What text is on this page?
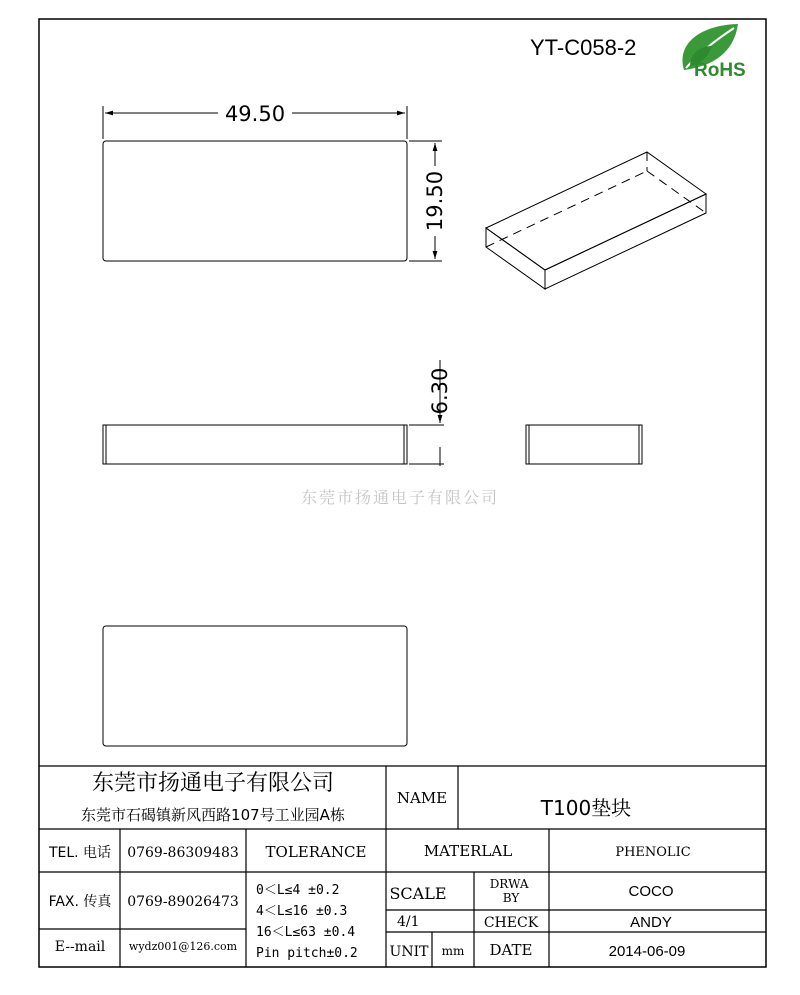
YT-C058-2
RoHS
49.50
19.50
6.30
东莞市扬通电子有限公司
东莞市扬通电子有限公司
东莞市石碣镇新风西路107号工业园A栋
NAME	T100垫块
TEL. 电话 0769-86309483
FAX. 传真 0769-89026473
E--mail wydz001@126.com
TOLERANCE
0＜L≤4 ±0.2
4＜L≤16 ±0.3
16＜L≤63 ±0.4
Pin pitch±0.2
MATERLAL	PHENOLIC
SCALE
4/1
DRWA BY	COCO
CHECK	ANDY
UNIT mm DATE	2014-06-09
